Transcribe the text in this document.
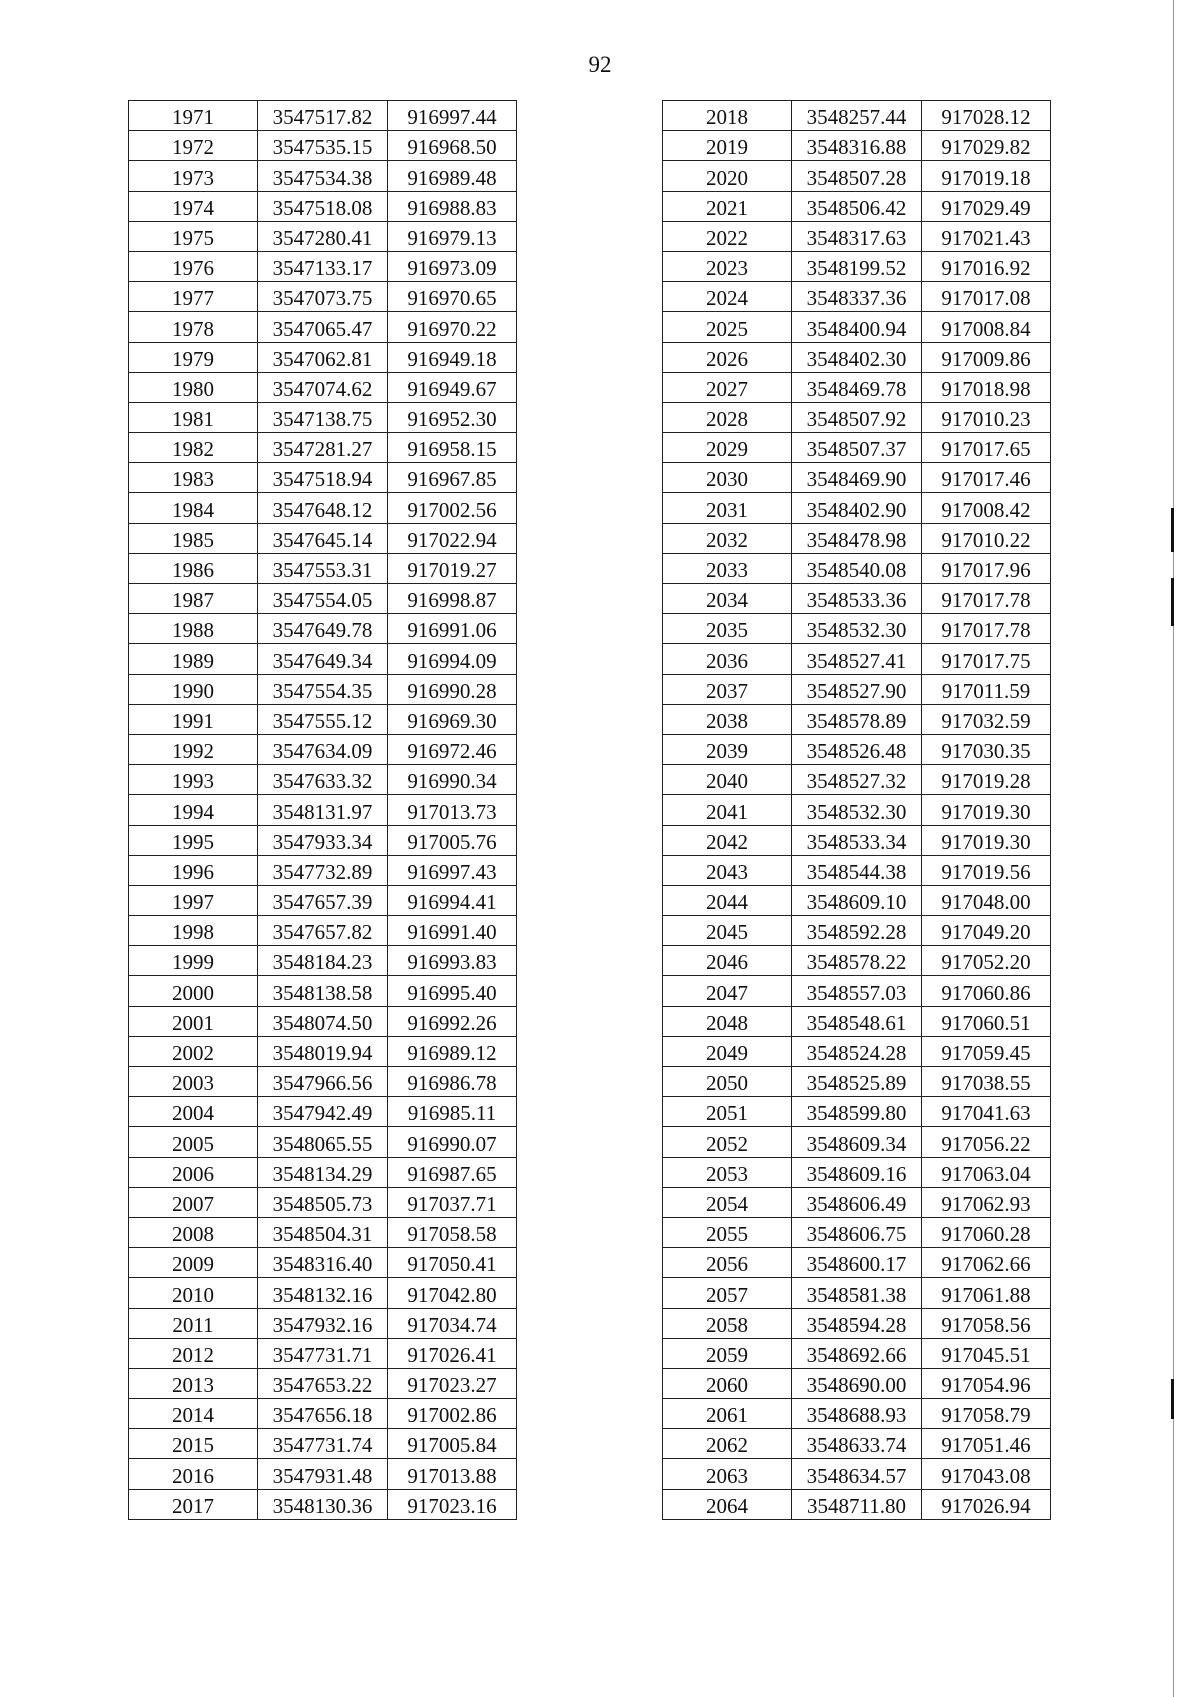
92
1971	3547517.82	916997.44
1972	3547535.15	916968.50
1973	3547534.38	916989.48
1974	3547518.08	916988.83
1975	3547280.41	916979.13
1976	3547133.17	916973.09
1977	3547073.75	916970.65
1978	3547065.47	916970.22
1979	3547062.81	916949.18
1980	3547074.62	916949.67
1981	3547138.75	916952.30
1982	3547281.27	916958.15
1983	3547518.94	916967.85
1984	3547648.12	917002.56
1985	3547645.14	917022.94
1986	3547553.31	917019.27
1987	3547554.05	916998.87
1988	3547649.78	916991.06
1989	3547649.34	916994.09
1990	3547554.35	916990.28
1991	3547555.12	916969.30
1992	3547634.09	916972.46
1993	3547633.32	916990.34
1994	3548131.97	917013.73
1995	3547933.34	917005.76
1996	3547732.89	916997.43
1997	3547657.39	916994.41
1998	3547657.82	916991.40
1999	3548184.23	916993.83
2000	3548138.58	916995.40
2001	3548074.50	916992.26
2002	3548019.94	916989.12
2003	3547966.56	916986.78
2004	3547942.49	916985.11
2005	3548065.55	916990.07
2006	3548134.29	916987.65
2007	3548505.73	917037.71
2008	3548504.31	917058.58
2009	3548316.40	917050.41
2010	3548132.16	917042.80
2011	3547932.16	917034.74
2012	3547731.71	917026.41
2013	3547653.22	917023.27
2014	3547656.18	917002.86
2015	3547731.74	917005.84
2016	3547931.48	917013.88
2017	3548130.36	917023.16
2018	3548257.44	917028.12
2019	3548316.88	917029.82
2020	3548507.28	917019.18
2021	3548506.42	917029.49
2022	3548317.63	917021.43
2023	3548199.52	917016.92
2024	3548337.36	917017.08
2025	3548400.94	917008.84
2026	3548402.30	917009.86
2027	3548469.78	917018.98
2028	3548507.92	917010.23
2029	3548507.37	917017.65
2030	3548469.90	917017.46
2031	3548402.90	917008.42
2032	3548478.98	917010.22
2033	3548540.08	917017.96
2034	3548533.36	917017.78
2035	3548532.30	917017.78
2036	3548527.41	917017.75
2037	3548527.90	917011.59
2038	3548578.89	917032.59
2039	3548526.48	917030.35
2040	3548527.32	917019.28
2041	3548532.30	917019.30
2042	3548533.34	917019.30
2043	3548544.38	917019.56
2044	3548609.10	917048.00
2045	3548592.28	917049.20
2046	3548578.22	917052.20
2047	3548557.03	917060.86
2048	3548548.61	917060.51
2049	3548524.28	917059.45
2050	3548525.89	917038.55
2051	3548599.80	917041.63
2052	3548609.34	917056.22
2053	3548609.16	917063.04
2054	3548606.49	917062.93
2055	3548606.75	917060.28
2056	3548600.17	917062.66
2057	3548581.38	917061.88
2058	3548594.28	917058.56
2059	3548692.66	917045.51
2060	3548690.00	917054.96
2061	3548688.93	917058.79
2062	3548633.74	917051.46
2063	3548634.57	917043.08
2064	3548711.80	917026.94
